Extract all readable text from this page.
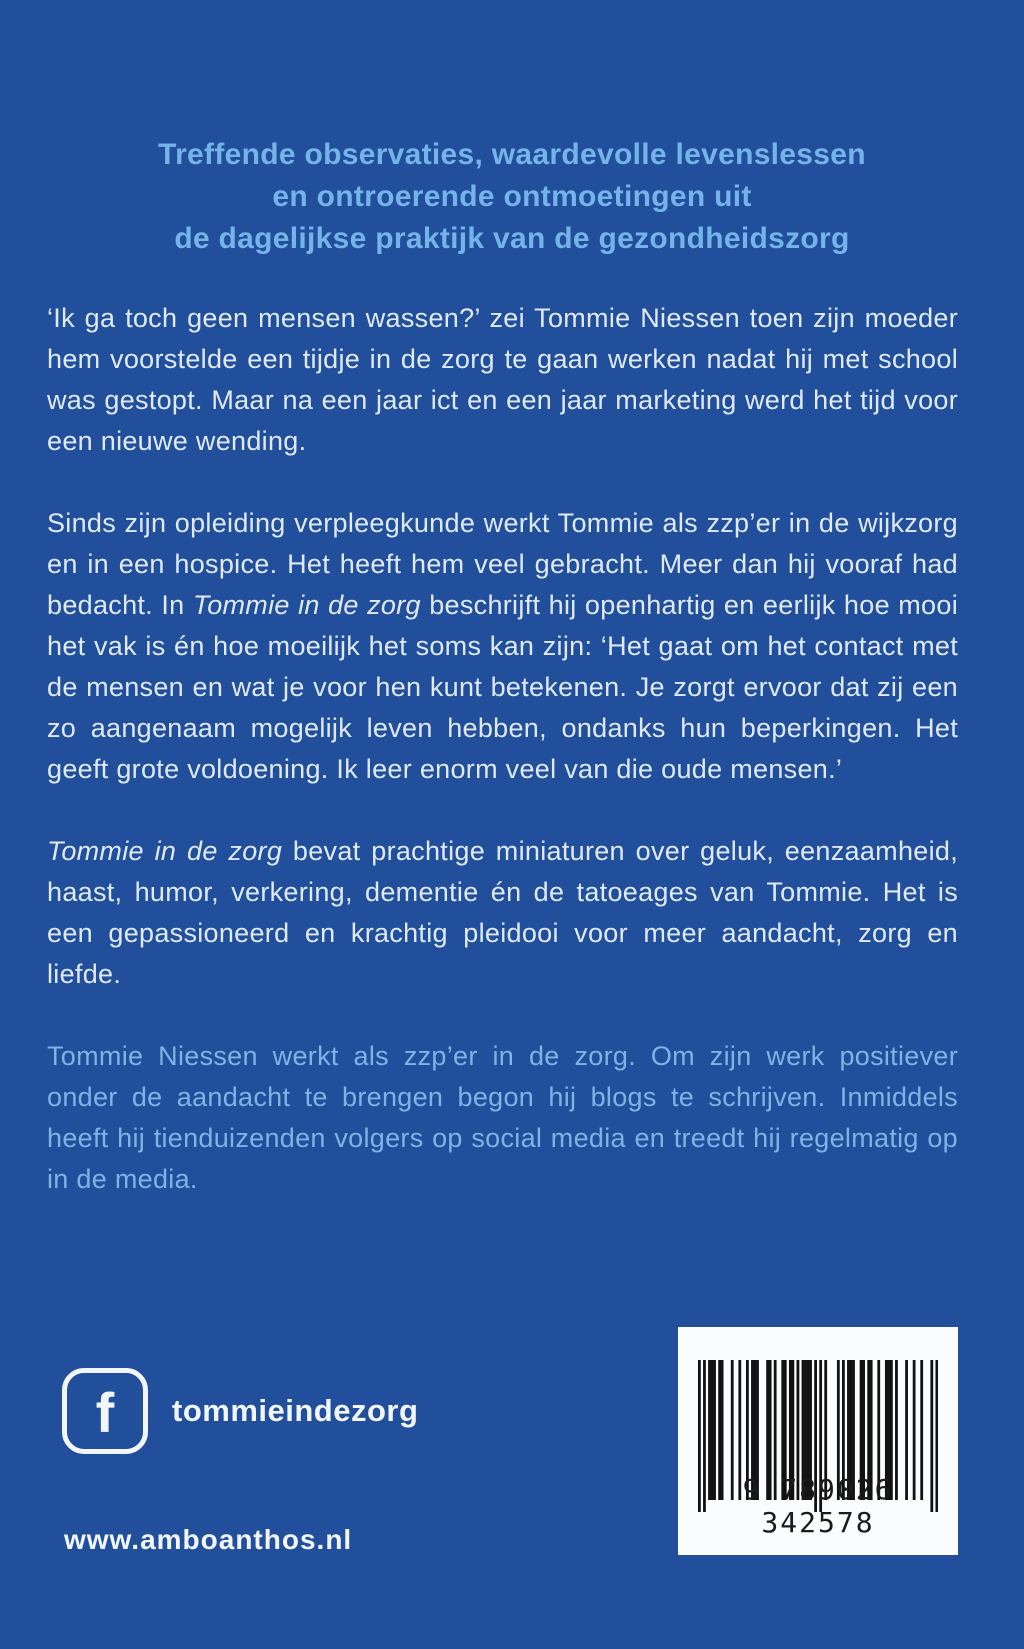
Treffende observaties, waardevolle levenslessen
en ontroerende ontmoetingen uit
de dagelijkse praktijk van de gezondheidszorg

‘Ik ga toch geen mensen wassen?’ zei Tommie Niessen toen zijn moeder hem voorstelde een tijdje in de zorg te gaan werken nadat hij met school was gestopt. Maar na een jaar ict en een jaar marketing werd het tijd voor een nieuwe wending.

Sinds zijn opleiding verpleegkunde werkt Tommie als zzp’er in de wijkzorg en in een hospice. Het heeft hem veel gebracht. Meer dan hij vooraf had bedacht. In Tommie in de zorg beschrijft hij openhartig en eerlijk hoe mooi het vak is én hoe moeilijk het soms kan zijn: ‘Het gaat om het contact met de mensen en wat je voor hen kunt betekenen. Je zorgt ervoor dat zij een zo aangenaam mogelijk leven hebben, ondanks hun beperkingen. Het geeft grote voldoening. Ik leer enorm veel van die oude mensen.’

Tommie in de zorg bevat prachtige miniaturen over geluk, eenzaamheid, haast, humor, verkering, dementie én de tatoeages van Tommie. Het is een gepassioneerd en krachtig pleidooi voor meer aandacht, zorg en liefde.

Tommie Niessen werkt als zzp’er in de zorg. Om zijn werk positiever onder de aandacht te brengen begon hij blogs te schrijven. Inmiddels heeft hij tienduizenden volgers op social media en treedt hij regelmatig op in de media.

f tommieindezorg
www.amboanthos.nl
9 789026 342578
